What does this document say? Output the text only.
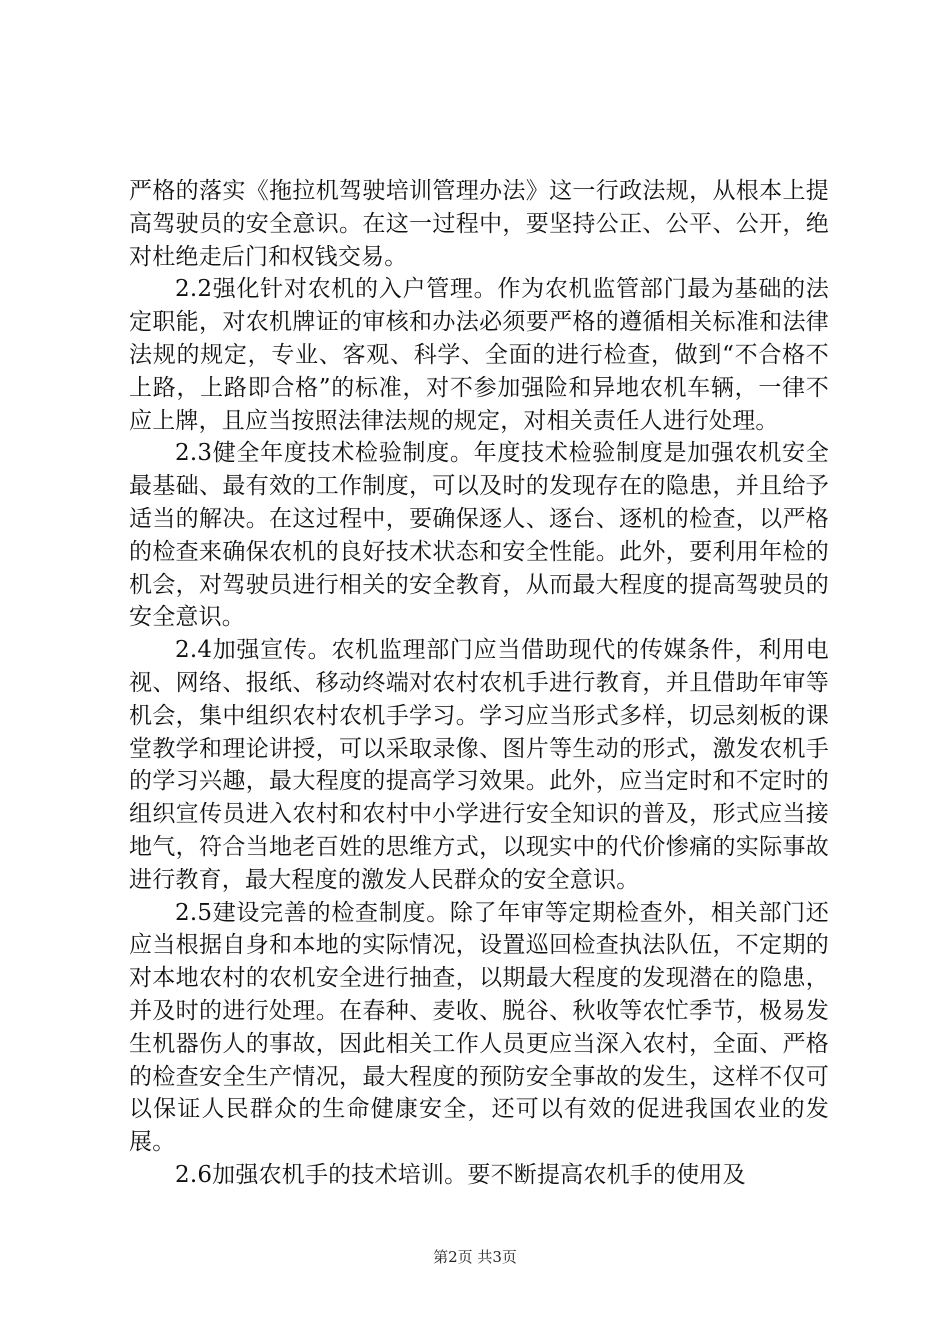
严格的落实《拖拉机驾驶培训管理办法》这一行政法规，从根本上提高驾驶员的安全意识。在这一过程中，要坚持公正、公平、公开，绝对杜绝走后门和权钱交易。

2.2强化针对农机的入户管理。作为农机监管部门最为基础的法定职能，对农机牌证的审核和办法必须要严格的遵循相关标准和法律法规的规定，专业、客观、科学、全面的进行检查，做到“不合格不上路，上路即合格”的标准，对不参加强险和异地农机车辆，一律不应上牌，且应当按照法律法规的规定，对相关责任人进行处理。

2.3健全年度技术检验制度。年度技术检验制度是加强农机安全最基础、最有效的工作制度，可以及时的发现存在的隐患，并且给予适当的解决。在这过程中，要确保逐人、逐台、逐机的检查，以严格的检查来确保农机的良好技术状态和安全性能。此外，要利用年检的机会，对驾驶员进行相关的安全教育，从而最大程度的提高驾驶员的安全意识。

2.4加强宣传。农机监理部门应当借助现代的传媒条件，利用电视、网络、报纸、移动终端对农村农机手进行教育，并且借助年审等机会，集中组织农村农机手学习。学习应当形式多样，切忌刻板的课堂教学和理论讲授，可以采取录像、图片等生动的形式，激发农机手的学习兴趣，最大程度的提高学习效果。此外，应当定时和不定时的组织宣传员进入农村和农村中小学进行安全知识的普及，形式应当接地气，符合当地老百姓的思维方式，以现实中的代价惨痛的实际事故进行教育，最大程度的激发人民群众的安全意识。

2.5建设完善的检查制度。除了年审等定期检查外，相关部门还应当根据自身和本地的实际情况，设置巡回检查执法队伍，不定期的对本地农村的农机安全进行抽查，以期最大程度的发现潜在的隐患，并及时的进行处理。在春种、麦收、脱谷、秋收等农忙季节，极易发生机器伤人的事故，因此相关工作人员更应当深入农村，全面、严格的检查安全生产情况，最大程度的预防安全事故的发生，这样不仅可以保证人民群众的生命健康安全，还可以有效的促进我国农业的发展。

2.6加强农机手的技术培训。要不断提高农机手的使用及

第2页 共3页
